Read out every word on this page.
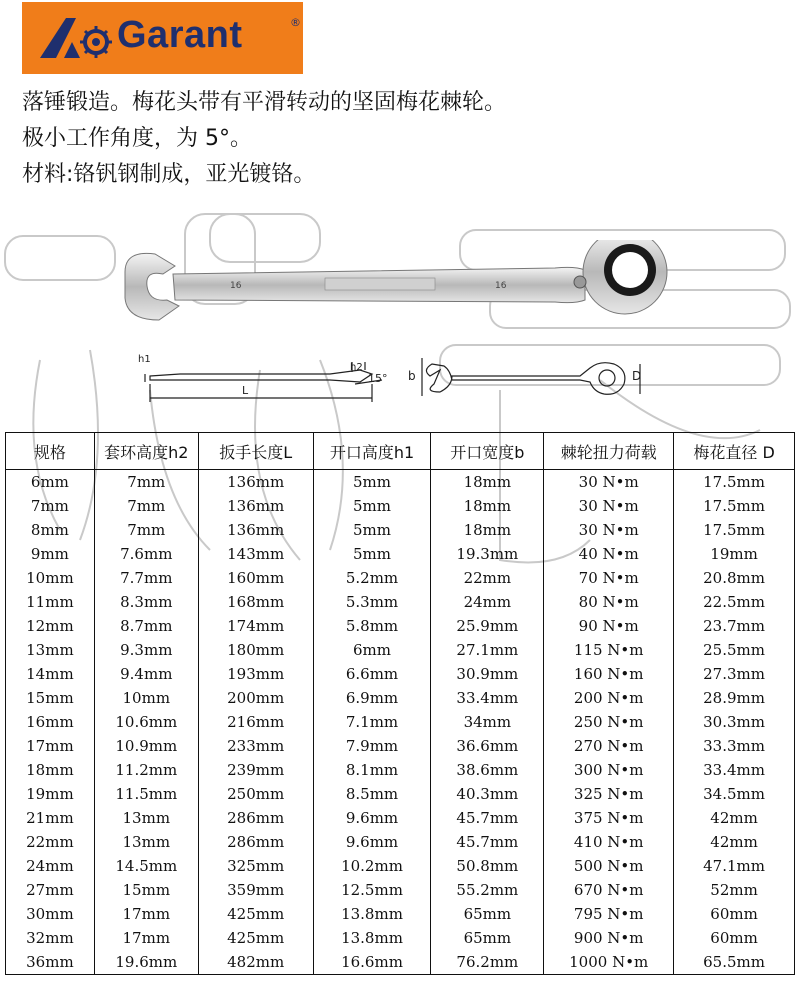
Garant	®
落锤锻造。梅花头带有平滑转动的坚固梅花棘轮。
极小工作角度，为 5°。
材料:铬钒钢制成，亚光镀铬。
16	16
h1
h2
15°
L
b	D
规格	套环高度h2	扳手长度L	开口高度h1	开口宽度b	棘轮扭力荷载	梅花直径 D
6mm	7mm	136mm	5mm	18mm	30 N•m	17.5mm
7mm	7mm	136mm	5mm	18mm	30 N•m	17.5mm
8mm	7mm	136mm	5mm	18mm	30 N•m	17.5mm
9mm	7.6mm	143mm	5mm	19.3mm	40 N•m	19mm
10mm	7.7mm	160mm	5.2mm	22mm	70 N•m	20.8mm
11mm	8.3mm	168mm	5.3mm	24mm	80 N•m	22.5mm
12mm	8.7mm	174mm	5.8mm	25.9mm	90 N•m	23.7mm
13mm	9.3mm	180mm	6mm	27.1mm	115 N•m	25.5mm
14mm	9.4mm	193mm	6.6mm	30.9mm	160 N•m	27.3mm
15mm	10mm	200mm	6.9mm	33.4mm	200 N•m	28.9mm
16mm	10.6mm	216mm	7.1mm	34mm	250 N•m	30.3mm
17mm	10.9mm	233mm	7.9mm	36.6mm	270 N•m	33.3mm
18mm	11.2mm	239mm	8.1mm	38.6mm	300 N•m	33.4mm
19mm	11.5mm	250mm	8.5mm	40.3mm	325 N•m	34.5mm
21mm	13mm	286mm	9.6mm	45.7mm	375 N•m	42mm
22mm	13mm	286mm	9.6mm	45.7mm	410 N•m	42mm
24mm	14.5mm	325mm	10.2mm	50.8mm	500 N•m	47.1mm
27mm	15mm	359mm	12.5mm	55.2mm	670 N•m	52mm
30mm	17mm	425mm	13.8mm	65mm	795 N•m	60mm
32mm	17mm	425mm	13.8mm	65mm	900 N•m	60mm
36mm	19.6mm	482mm	16.6mm	76.2mm	1000 N•m	65.5mm
